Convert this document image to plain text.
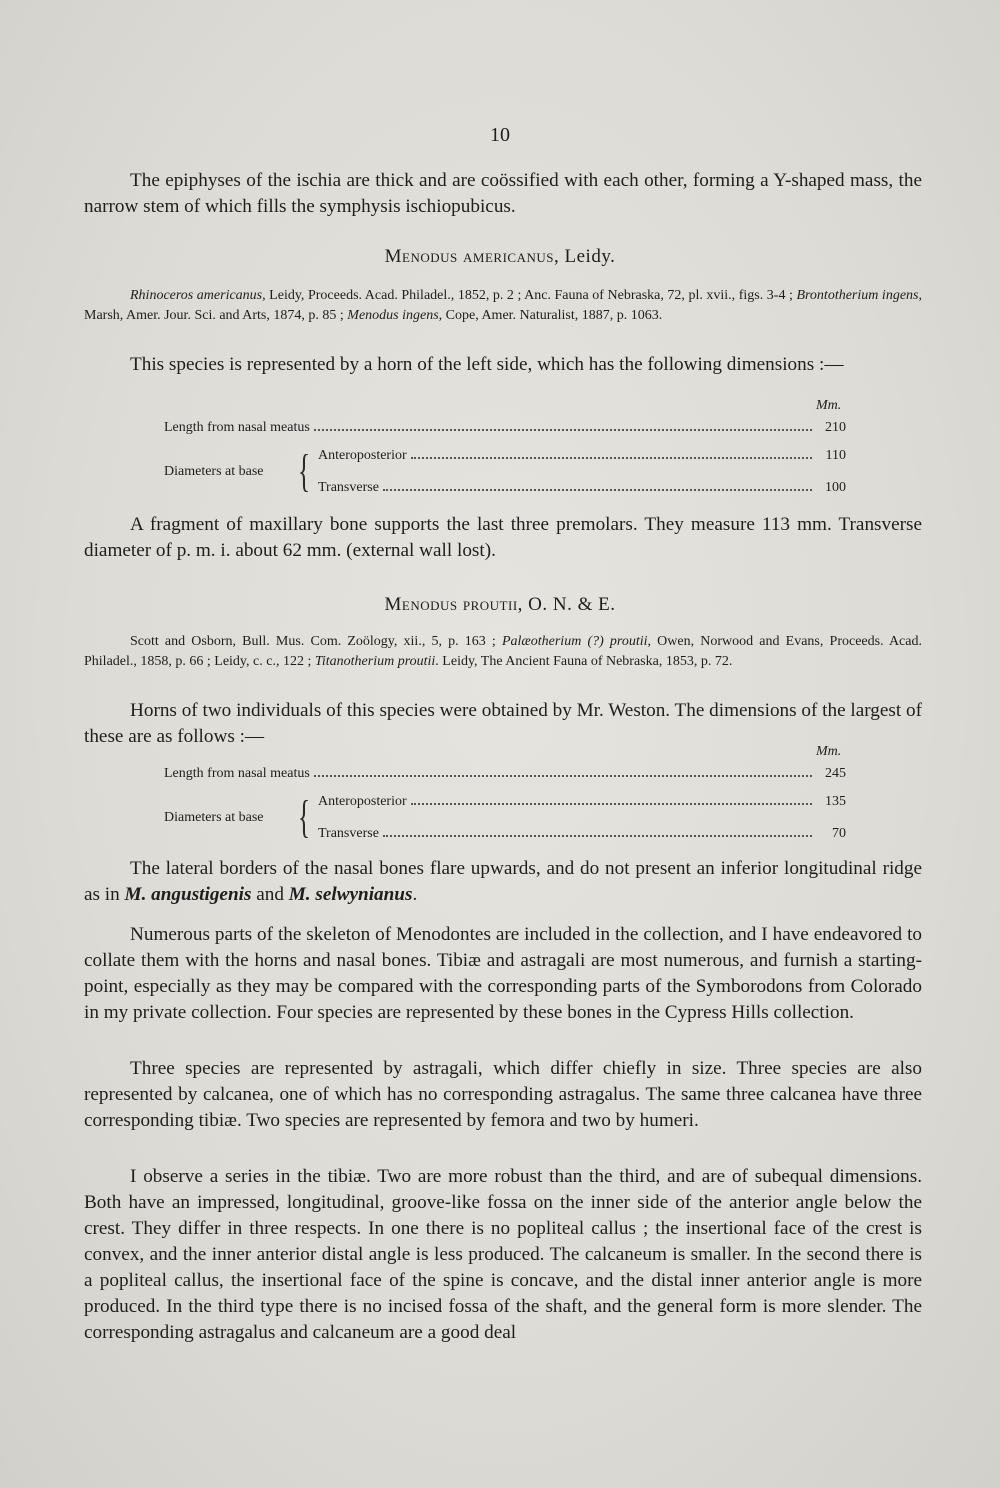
10
The epiphyses of the ischia are thick and are coössified with each other, forming a Y-shaped mass, the narrow stem of which fills the symphysis ischiopubicus.
Menodus americanus, Leidy.
Rhinoceros americanus, Leidy, Proceeds. Acad. Philadel., 1852, p. 2 ; Anc. Fauna of Nebraska, 72, pl. xvii., figs. 3-4 ; Brontotherium ingens, Marsh, Amer. Jour. Sci. and Arts, 1874, p. 85 ; Menodus ingens, Cope, Amer. Naturalist, 1887, p. 1063.
This species is represented by a horn of the left side, which has the following dimensions :—
Mm.
Length from nasal meatus	210
Diameters at base { Anteroposterior	110
Transverse	100
A fragment of maxillary bone supports the last three premolars. They measure 113 mm. Transverse diameter of p. m. i. about 62 mm. (external wall lost).
Menodus proutii, O. N. & E.
Scott and Osborn, Bull. Mus. Com. Zoölogy, xii., 5, p. 163 ; Palæotherium (?) proutii, Owen, Norwood and Evans, Proceeds. Acad. Philadel., 1858, p. 66 ; Leidy, c. c., 122 ; Titanotherium proutii. Leidy, The Ancient Fauna of Nebraska, 1853, p. 72.
Horns of two individuals of this species were obtained by Mr. Weston. The dimensions of the largest of these are as follows :—
Mm.
Length from nasal meatus	245
Diameters at base { Anteroposterior	135
Transverse	70
The lateral borders of the nasal bones flare upwards, and do not present an inferior longitudinal ridge as in M. angustigenis and M. selwynianus.
Numerous parts of the skeleton of Menodontes are included in the collection, and I have endeavored to collate them with the horns and nasal bones. Tibiæ and astragali are most numerous, and furnish a starting-point, especially as they may be compared with the corresponding parts of the Symborodons from Colorado in my private collection. Four species are represented by these bones in the Cypress Hills collection.
Three species are represented by astragali, which differ chiefly in size. Three species are also represented by calcanea, one of which has no corresponding astragalus. The same three calcanea have three corresponding tibiæ. Two species are represented by femora and two by humeri.
I observe a series in the tibiæ. Two are more robust than the third, and are of subequal dimensions. Both have an impressed, longitudinal, groove-like fossa on the inner side of the anterior angle below the crest. They differ in three respects. In one there is no popliteal callus ; the insertional face of the crest is convex, and the inner anterior distal angle is less produced. The calcaneum is smaller. In the second there is a popliteal callus, the insertional face of the spine is concave, and the distal inner anterior angle is more produced. In the third type there is no incised fossa of the shaft, and the general form is more slender. The corresponding astragalus and calcaneum are a good deal
